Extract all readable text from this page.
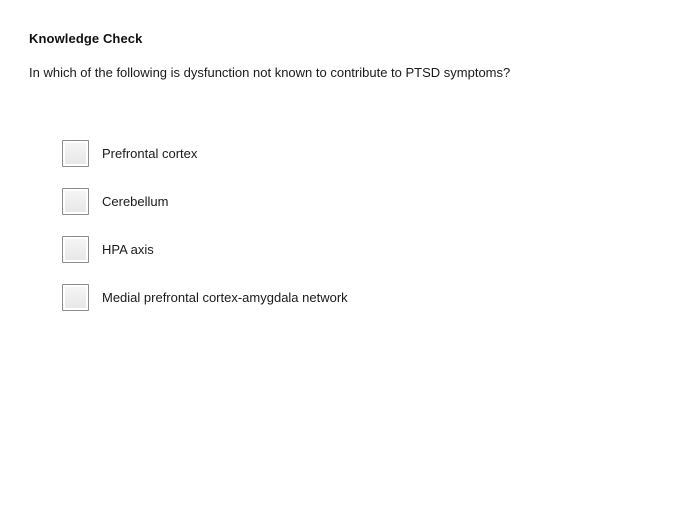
Knowledge Check
In which of the following is dysfunction not known to contribute to PTSD symptoms?
Prefrontal cortex
Cerebellum
HPA axis
Medial prefrontal cortex-amygdala network
